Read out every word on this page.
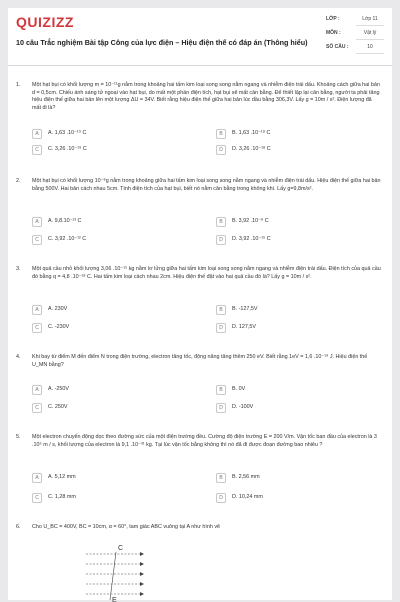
QUIZIZZ
10 câu Trắc nghiệm Bài tập Công của lực điện – Hiệu điện thế có đáp án (Thông hiểu)
LỚP :	Lớp 11
MÔN :	Vật lý
SỐ CÂU :	10
1. Một hạt bụi có khối lượng m = 10⁻¹¹g nằm trong khoảng hai tấm kim loại song song nằm ngang và nhiễm điện trái dấu. Khoảng cách giữa hai bản d = 0,5cm. Chiếu ánh sáng tử ngoại vào hạt bụi, do mất một phần điện tích, hạt bụi sẽ mất cân bằng. Để thiết lập lại cân bằng, người ta phải tăng hiệu điện thế giữa hai bản lên một lượng ΔU = 34V. Biết rằng hiệu điện thế giữa hai bản lúc đầu bằng 306,3V. Lấy g = 10m / s². Điện lượng đã mất đi là?
A	A. 1,63 .10⁻¹⁹ C	B	B. 1,63 .10⁻¹⁸ C
C	C. 3,26 .10⁻¹⁹ C	D	D. 3,26 .10⁻¹⁸ C
2. Một hạt bụi có khối lượng 10⁻⁸g nằm trong khoảng giữa hai tấm kim loại song song nằm ngang và nhiễm điện trái dấu. Hiệu điện thế giữa hai bản bằng 500V. Hai bản cách nhau 5cm. Tính điện tích của hạt bụi, biết nó nằm cân bằng trong không khí. Lấy g=9,8m/s².
A	A. 9,8.10⁻¹³ C	B	B. 3,92 .10⁻⁸ C
C	C. 3,92 .10⁻¹² C	D	D. 3,92 .10⁻¹⁵ C
3. Một quả cầu nhỏ khối lượng 3,06 .10⁻¹⁵ kg nằm lơ lửng giữa hai tấm kim loại song song nằm ngang và nhiễm điện trái dấu. Điện tích của quả cầu đó bằng q = 4,8 .10⁻¹⁸ C. Hai tấm kim loại cách nhau 2cm. Hiệu điện thế đặt vào hai quả cầu đó là? Lấy g = 10m / s².
A	A. 230V	B	B. -127,5V
C	C. -230V	D	D. 127,5V
4. Khi bay từ điểm M đến điểm N trong điện trường, electron tăng tốc, động năng tăng thêm 250 eV. Biết rằng 1eV = 1,6 .10⁻¹⁹ J. Hiệu điện thế U_MN bằng?
A	A. -250V	B	B. 0V
C	C. 250V	D	D. -100V
5. Một electron chuyển động dọc theo đường sức của một điện trường đều. Cường độ điện trường E = 200 V/m. Vận tốc ban đầu của electron là 3 .10⁵ m / s, khối lượng của electron là 9,1 .10⁻³¹ kg. Tại lúc vận tốc bằng không thì nó đã đi được đoạn đường bao nhiêu ?
A	A. 5,12 mm	B	B. 2,56 mm
C	C. 1,28 mm	D	D. 10,24 mm
6. Cho U_BC = 400V, BC = 10cm, α = 60°, tam giác ABC vuông tại A như hình vẽ
C
E
